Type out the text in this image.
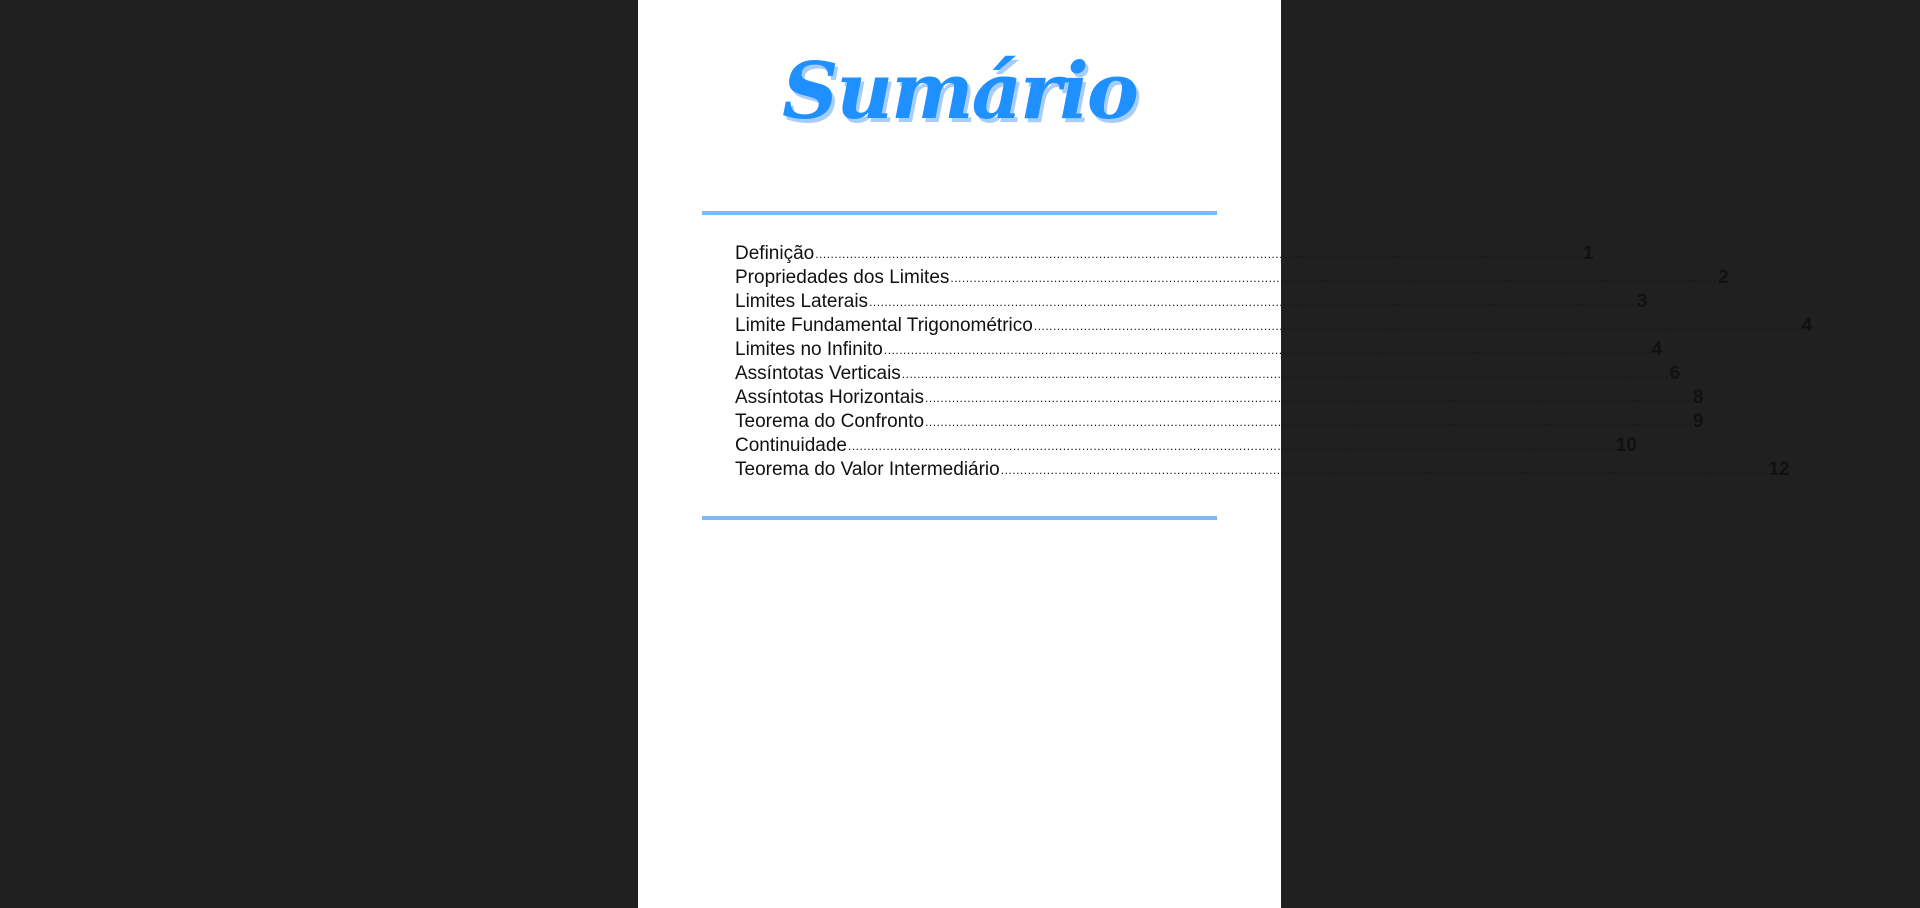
Sumário
Definição ........................................................................................................................................................................................................ 1
Propriedades dos Limites ........................................................................................................................................................................................................ 2
Limites Laterais ........................................................................................................................................................................................................ 3
Limite Fundamental Trigonométrico ........................................................................................................................................................................................................ 4
Limites no Infinito ........................................................................................................................................................................................................ 4
Assíntotas Verticais ........................................................................................................................................................................................................ 6
Assíntotas Horizontais ........................................................................................................................................................................................................ 8
Teorema do Confronto ........................................................................................................................................................................................................ 9
Continuidade ........................................................................................................................................................................................................ 10
Teorema do Valor Intermediário ........................................................................................................................................................................................................ 12
